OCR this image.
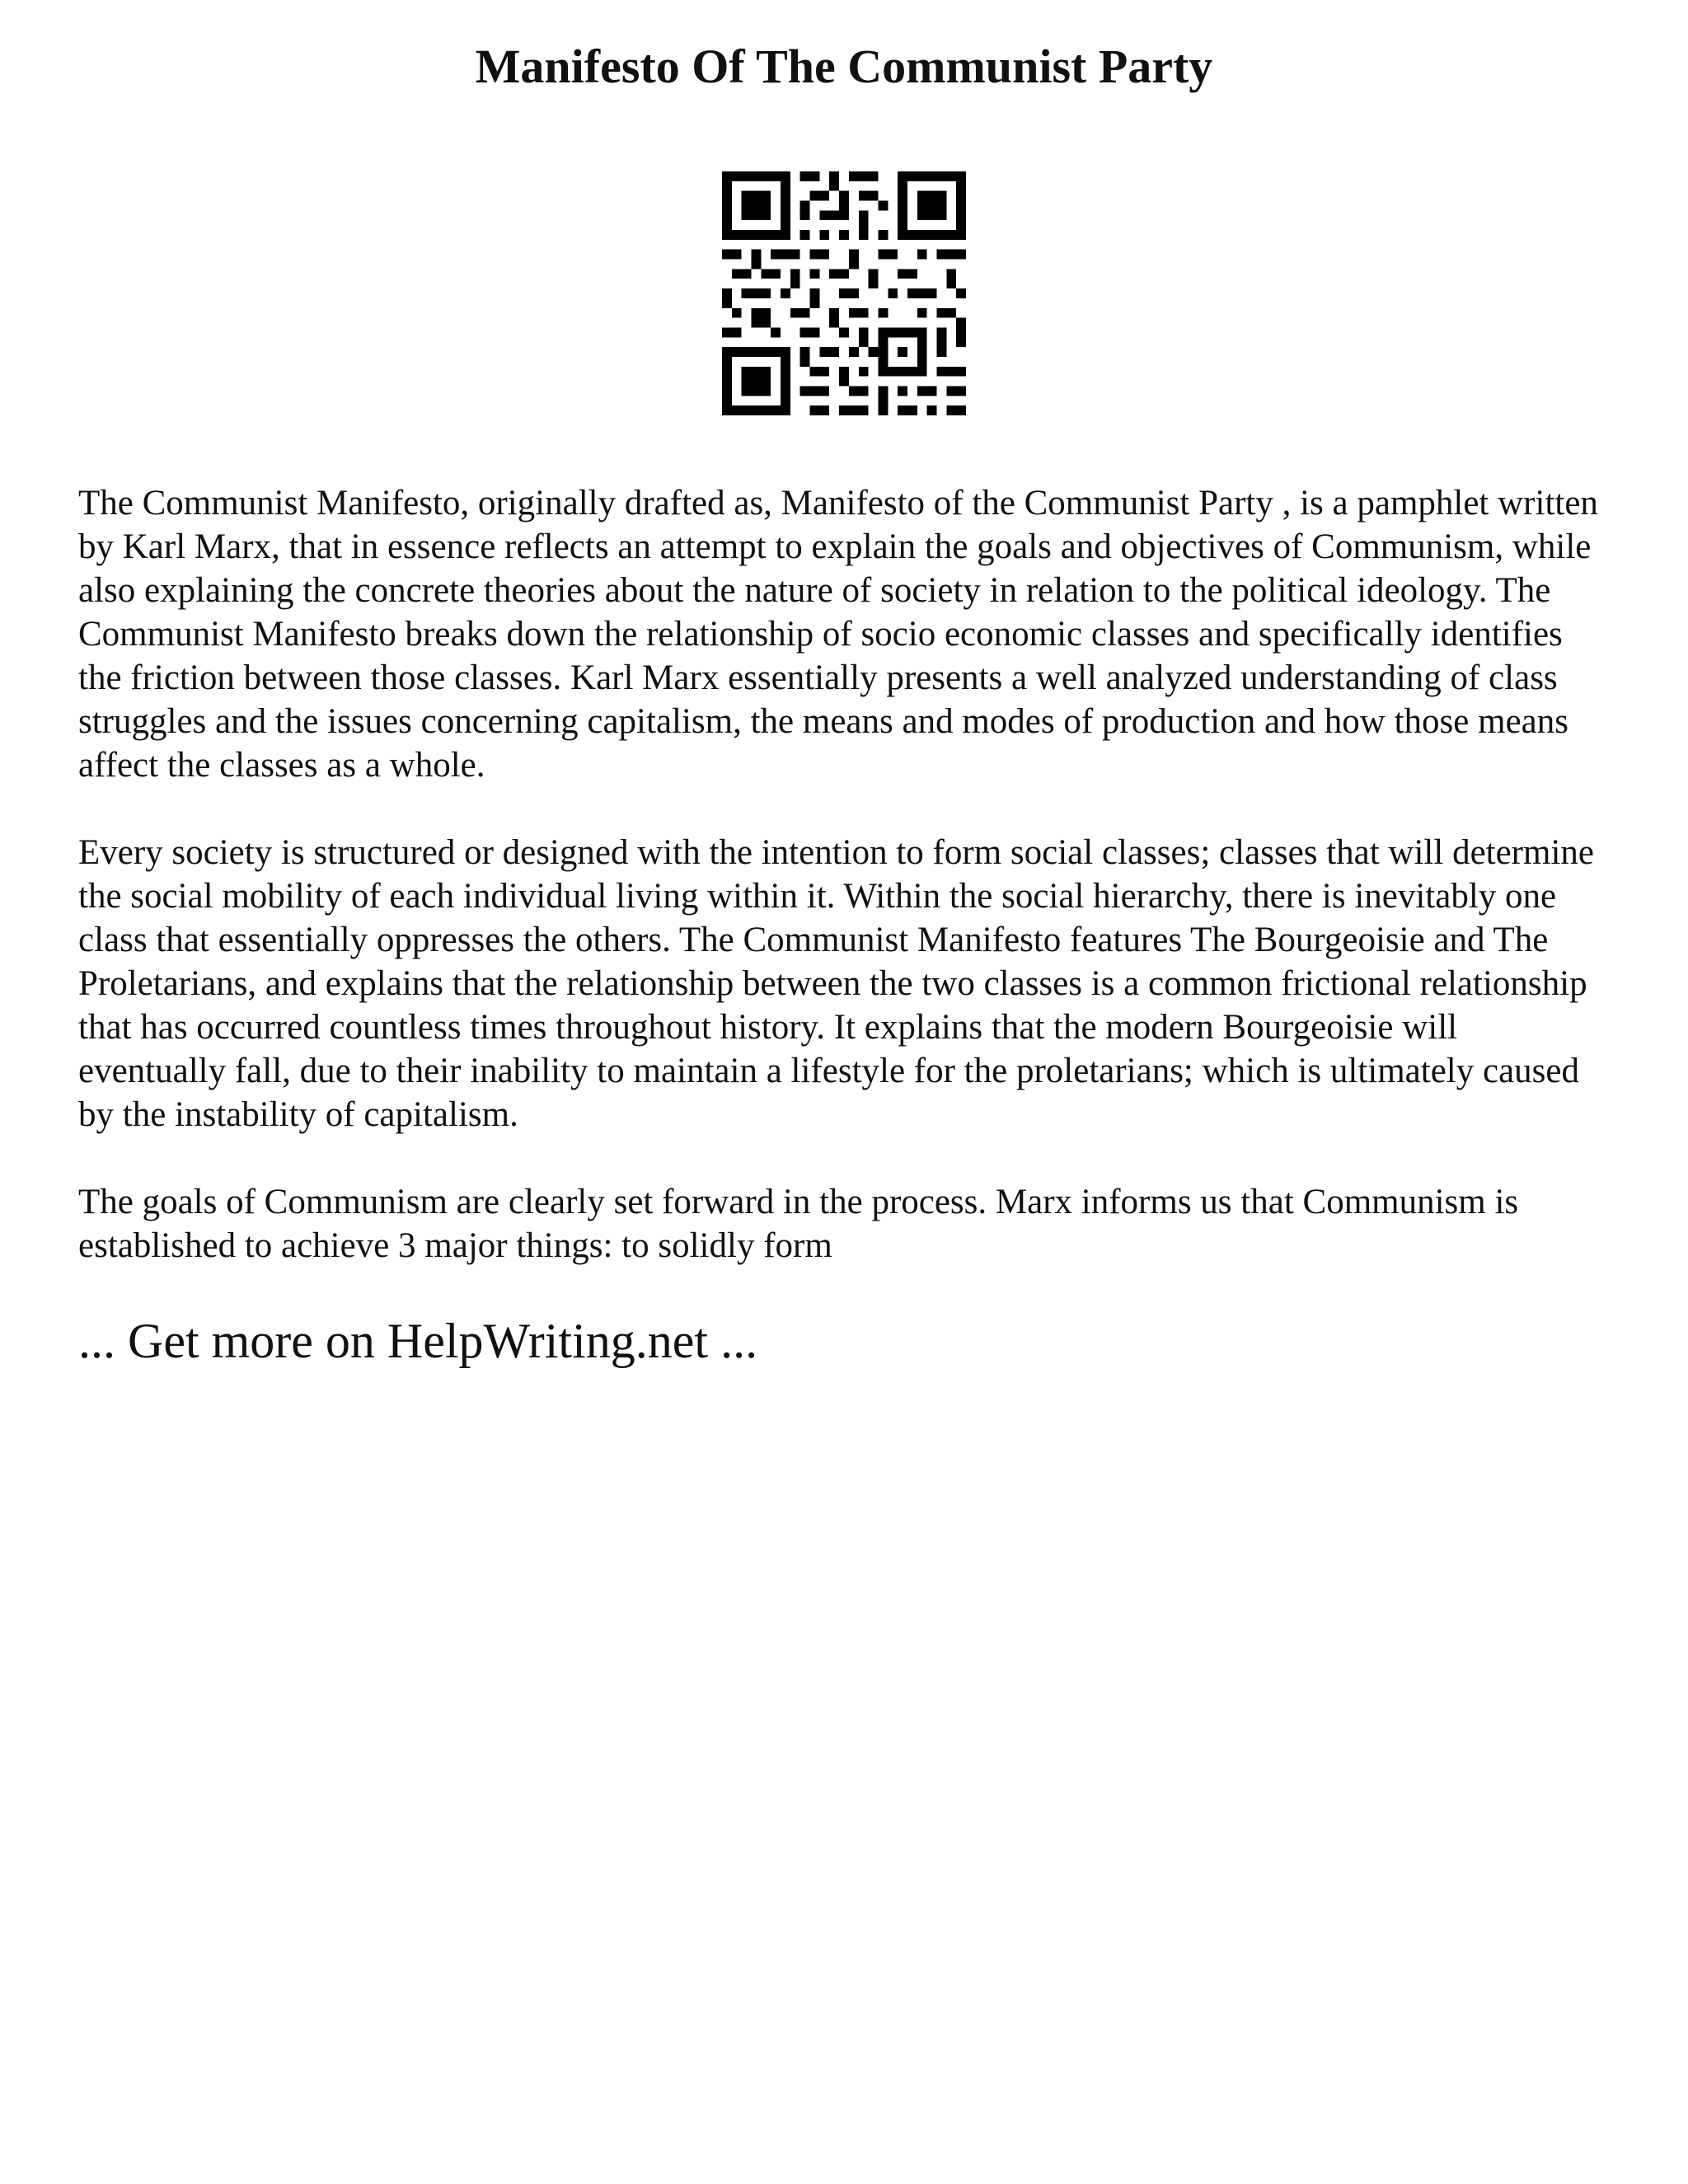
Manifesto Of The Communist Party

The Communist Manifesto, originally drafted as, Manifesto of the Communist Party , is a pamphlet written by Karl Marx, that in essence reflects an attempt to explain the goals and objectives of Communism, while also explaining the concrete theories about the nature of society in relation to the political ideology. The Communist Manifesto breaks down the relationship of socio economic classes and specifically identifies the friction between those classes. Karl Marx essentially presents a well analyzed understanding of class struggles and the issues concerning capitalism, the means and modes of production and how those means affect the classes as a whole.

Every society is structured or designed with the intention to form social classes; classes that will determine the social mobility of each individual living within it. Within the social hierarchy, there is inevitably one class that essentially oppresses the others. The Communist Manifesto features The Bourgeoisie and The Proletarians, and explains that the relationship between the two classes is a common frictional relationship that has occurred countless times throughout history. It explains that the modern Bourgeoisie will eventually fall, due to their inability to maintain a lifestyle for the proletarians; which is ultimately caused by the instability of capitalism.

The goals of Communism are clearly set forward in the process. Marx informs us that Communism is established to achieve 3 major things: to solidly form

... Get more on HelpWriting.net ...
